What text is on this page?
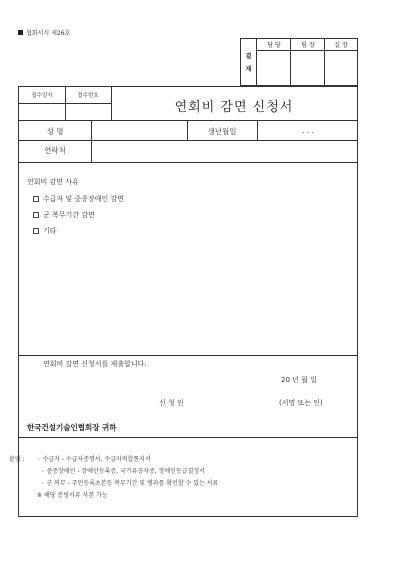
협회서식 제26호
결
재
담 당	팀 장	실 장
접수일자	접수번호
연회비 감면 신청서
성 명	생년월일	. . .
연락처
연회비 감면 사유
수급자 및 중증장애인 감면
군 복무기간 감면
기타
연회비 감면 신청서를 제출합니다.
20 년 월 일
신 청 인	(서명 또는 인)
한국건설기술인협회장 귀하
붙임 : ◦ 수급자 - 수급자증명서, 수급자적합통지서
◦ 중증장애인 - 장애인등록증, 국가유공자증, 장애인등급결정서
◦ 군 복무 - 주민등록초본등 복무기간 및 병과를 확인할 수 있는 서류
※ 해당 증빙서류 사본 가능
